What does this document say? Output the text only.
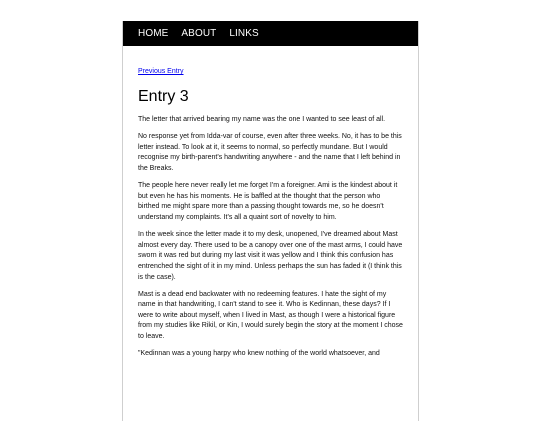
HOME ABOUT LINKS
Previous Entry
Entry 3

The letter that arrived bearing my name was the one I wanted to see least of all.

No response yet from Idda-var of course, even after three weeks. No, it has to be this letter instead. To look at it, it seems to normal, so perfectly mundane. But I would recognise my birth-parent's handwriting anywhere - and the name that I left behind in the Breaks.

The people here never really let me forget I'm a foreigner. Ami is the kindest about it but even he has his moments. He is baffled at the thought that the person who birthed me might spare more than a passing thought towards me, so he doesn't understand my complaints. It's all a quaint sort of novelty to him.

In the week since the letter made it to my desk, unopened, I've dreamed about Mast almost every day. There used to be a canopy over one of the mast arms, I could have sworn it was red but during my last visit it was yellow and I think this confusion has entrenched the sight of it in my mind. Unless perhaps the sun has faded it (I think this is the case).

Mast is a dead end backwater with no redeeming features. I hate the sight of my name in that handwriting, I can't stand to see it. Who is Kedinnan, these days? If I were to write about myself, when I lived in Mast, as though I were a historical figure from my studies like Rikil, or Kin, I would surely begin the story at the moment I chose to leave.

"Kedinnan was a young harpy who knew nothing of the world whatsoever, and
